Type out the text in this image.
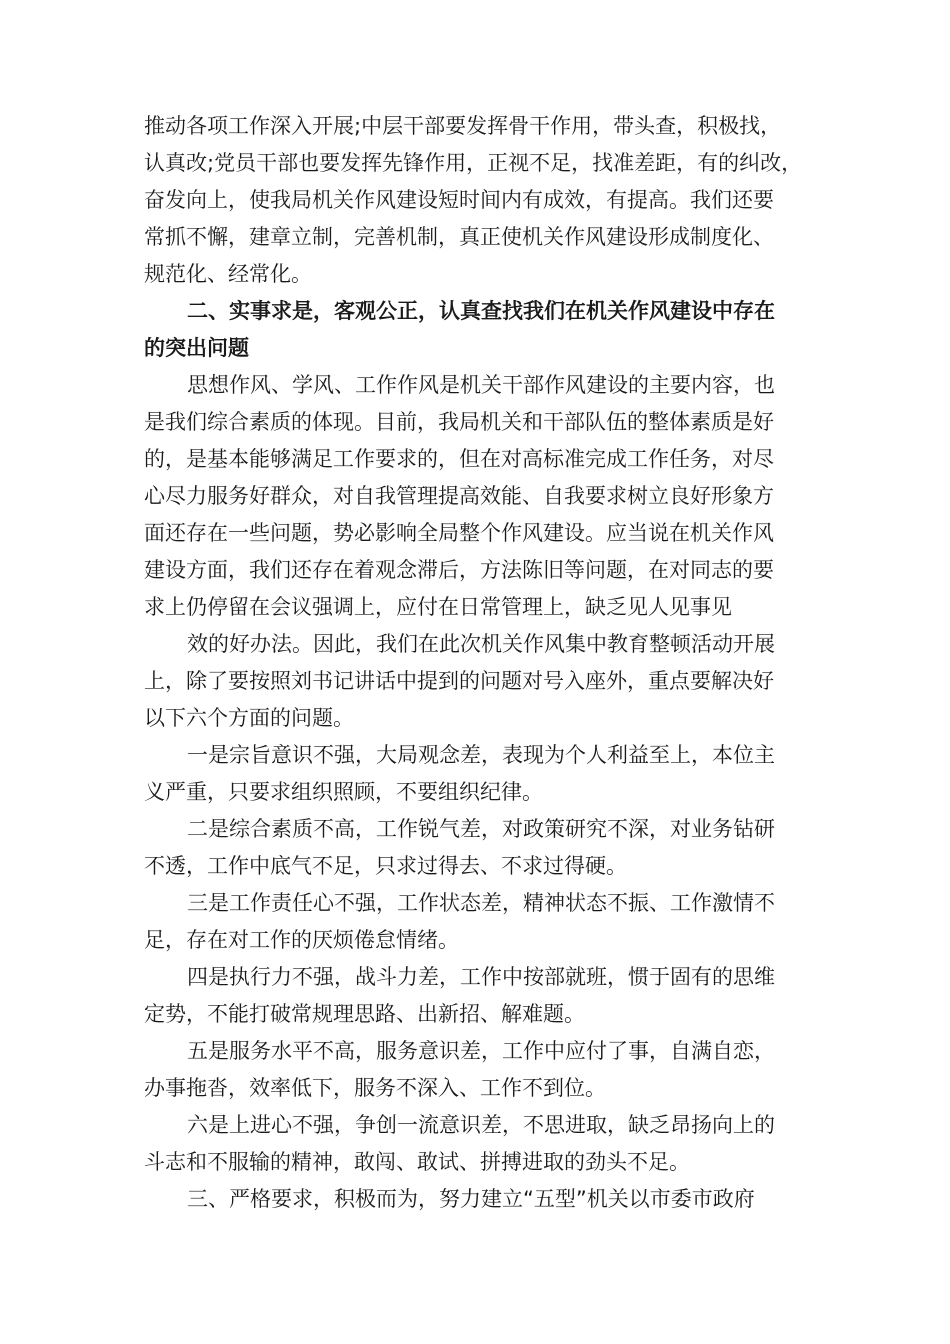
推动各项工作深入开展;中层干部要发挥骨干作用，带头查，积极找，
认真改;党员干部也要发挥先锋作用，正视不足，找准差距，有的纠改，
奋发向上，使我局机关作风建设短时间内有成效，有提高。我们还要
常抓不懈，建章立制，完善机制，真正使机关作风建设形成制度化、
规范化、经常化。
二、实事求是，客观公正，认真查找我们在机关作风建设中存在
的突出问题
思想作风、学风、工作作风是机关干部作风建设的主要内容，也
是我们综合素质的体现。目前，我局机关和干部队伍的整体素质是好
的，是基本能够满足工作要求的，但在对高标准完成工作任务，对尽
心尽力服务好群众，对自我管理提高效能、自我要求树立良好形象方
面还存在一些问题，势必影响全局整个作风建设。应当说在机关作风
建设方面，我们还存在着观念滞后，方法陈旧等问题，在对同志的要
求上仍停留在会议强调上，应付在日常管理上，缺乏见人见事见
效的好办法。因此，我们在此次机关作风集中教育整顿活动开展
上，除了要按照刘书记讲话中提到的问题对号入座外，重点要解决好
以下六个方面的问题。
一是宗旨意识不强，大局观念差，表现为个人利益至上，本位主
义严重，只要求组织照顾，不要组织纪律。
二是综合素质不高，工作锐气差，对政策研究不深，对业务钻研
不透，工作中底气不足，只求过得去、不求过得硬。
三是工作责任心不强，工作状态差，精神状态不振、工作激情不
足，存在对工作的厌烦倦怠情绪。
四是执行力不强，战斗力差，工作中按部就班，惯于固有的思维
定势，不能打破常规理思路、出新招、解难题。
五是服务水平不高，服务意识差，工作中应付了事，自满自恋，
办事拖沓，效率低下，服务不深入、工作不到位。
六是上进心不强，争创一流意识差，不思进取，缺乏昂扬向上的
斗志和不服输的精神，敢闯、敢试、拼搏进取的劲头不足。
三、严格要求，积极而为，努力建立“五型”机关以市委市政府
